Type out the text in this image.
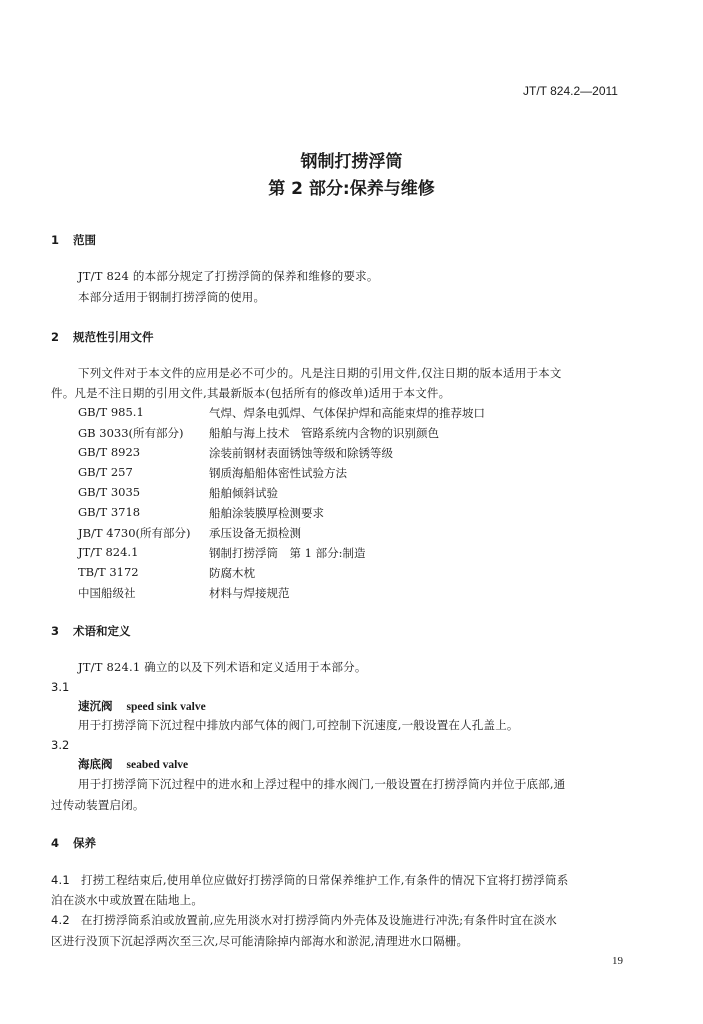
JT/T 824.2—2011
钢制打捞浮筒
第 2 部分:保养与维修
1 范围
JT/T 824 的本部分规定了打捞浮筒的保养和维修的要求。
本部分适用于钢制打捞浮筒的使用。
2 规范性引用文件
下列文件对于本文件的应用是必不可少的。凡是注日期的引用文件,仅注日期的版本适用于本文
件。凡是不注日期的引用文件,其最新版本(包括所有的修改单)适用于本文件。
GB/T 985.1	气焊、焊条电弧焊、气体保护焊和高能束焊的推荐坡口
GB 3033(所有部分) 船舶与海上技术　管路系统内含物的识别颜色
GB/T 8923	涂装前钢材表面锈蚀等级和除锈等级
GB/T 257	钢质海船船体密性试验方法
GB/T 3035	船舶倾斜试验
GB/T 3718	船舶涂装膜厚检测要求
JB/T 4730(所有部分) 承压设备无损检测
JT/T 824.1	钢制打捞浮筒　第 1 部分:制造
TB/T 3172	防腐木枕
中国船级社	材料与焊接规范
3 术语和定义
JT/T 824.1 确立的以及下列术语和定义适用于本部分。
3.1
速沉阀 speed sink valve
用于打捞浮筒下沉过程中排放内部气体的阀门,可控制下沉速度,一般设置在人孔盖上。
3.2
海底阀 seabed valve
用于打捞浮筒下沉过程中的进水和上浮过程中的排水阀门,一般设置在打捞浮筒内并位于底部,通
过传动装置启闭。
4 保养
4.1 打捞工程结束后,使用单位应做好打捞浮筒的日常保养维护工作,有条件的情况下宜将打捞浮筒系
泊在淡水中或放置在陆地上。
4.2 在打捞浮筒系泊或放置前,应先用淡水对打捞浮筒内外壳体及设施进行冲洗;有条件时宜在淡水
区进行没顶下沉起浮两次至三次,尽可能清除掉内部海水和淤泥,清理进水口隔栅。
19
